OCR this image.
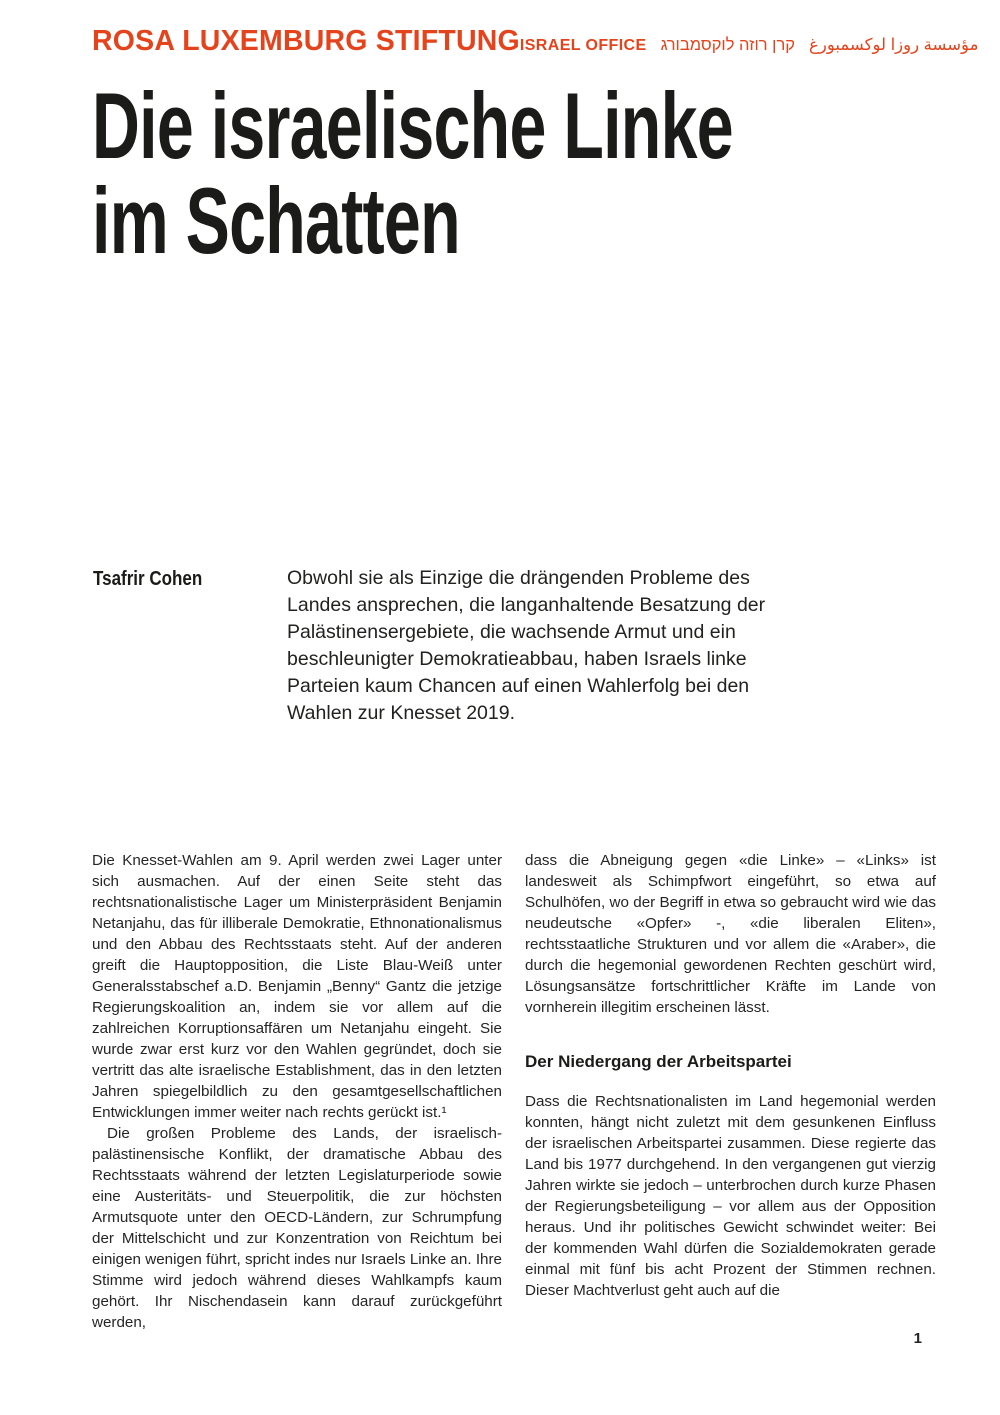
ROSA LUXEMBURG STIFTUNG ISRAEL OFFICE קרן רוזה לוקסמבורג مؤسسة روزا لوكسمبورغ
Die israelische Linke
im Schatten
Tsafrir Cohen	Obwohl sie als Einzige die drängenden Probleme des Landes ansprechen, die langanhaltende Besatzung der Palästinensergebiete, die wachsende Armut und ein beschleunigter Demokratieabbau, haben Israels linke Parteien kaum Chancen auf einen Wahlerfolg bei den Wahlen zur Knesset 2019.

Die Knesset-Wahlen am 9. April werden zwei Lager unter sich ausmachen. Auf der einen Seite steht das rechtsnationalistische Lager um Ministerpräsident Benjamin Netanjahu, das für illiberale Demokratie, Ethnonationalismus und den Abbau des Rechtsstaats steht. Auf der anderen greift die Hauptopposition, die Liste Blau-Weiß unter Generalsstabschef a.D. Benjamin „Benny“ Gantz die jetzige Regierungskoalition an, indem sie vor allem auf die zahlreichen Korruptionsaffären um Netanjahu eingeht. Sie wurde zwar erst kurz vor den Wahlen gegründet, doch sie vertritt das alte israelische Establishment, das in den letzten Jahren spiegelbildlich zu den gesamtgesellschaftlichen Entwicklungen immer weiter nach rechts gerückt ist.¹

Die großen Probleme des Lands, der israelisch-palästinensische Konflikt, der dramatische Abbau des Rechtsstaats während der letzten Legislaturperiode sowie eine Austeritäts- und Steuerpolitik, die zur höchsten Armutsquote unter den OECD-Ländern, zur Schrumpfung der Mittelschicht und zur Konzentration von Reichtum bei einigen wenigen führt, spricht indes nur Israels Linke an. Ihre Stimme wird jedoch während dieses Wahlkampfs kaum gehört. Ihr Nischendasein kann darauf zurückgeführt werden,

dass die Abneigung gegen «die Linke» – «Links» ist landesweit als Schimpfwort eingeführt, so etwa auf Schulhöfen, wo der Begriff in etwa so gebraucht wird wie das neudeutsche «Opfer» -, «die liberalen Eliten», rechtsstaatliche Strukturen und vor allem die «Araber», die durch die hegemonial gewordenen Rechten geschürt wird, Lösungsansätze fortschrittlicher Kräfte im Lande von vornherein illegitim erscheinen lässt.

Der Niedergang der Arbeitspartei

Dass die Rechtsnationalisten im Land hegemonial werden konnten, hängt nicht zuletzt mit dem gesunkenen Einfluss der israelischen Arbeitspartei zusammen. Diese regierte das Land bis 1977 durchgehend. In den vergangenen gut vierzig Jahren wirkte sie jedoch – unterbrochen durch kurze Phasen der Regierungsbeteiligung – vor allem aus der Opposition heraus. Und ihr politisches Gewicht schwindet weiter: Bei der kommenden Wahl dürfen die Sozialdemokraten gerade einmal mit fünf bis acht Prozent der Stimmen rechnen. Dieser Machtverlust geht auch auf die

1
